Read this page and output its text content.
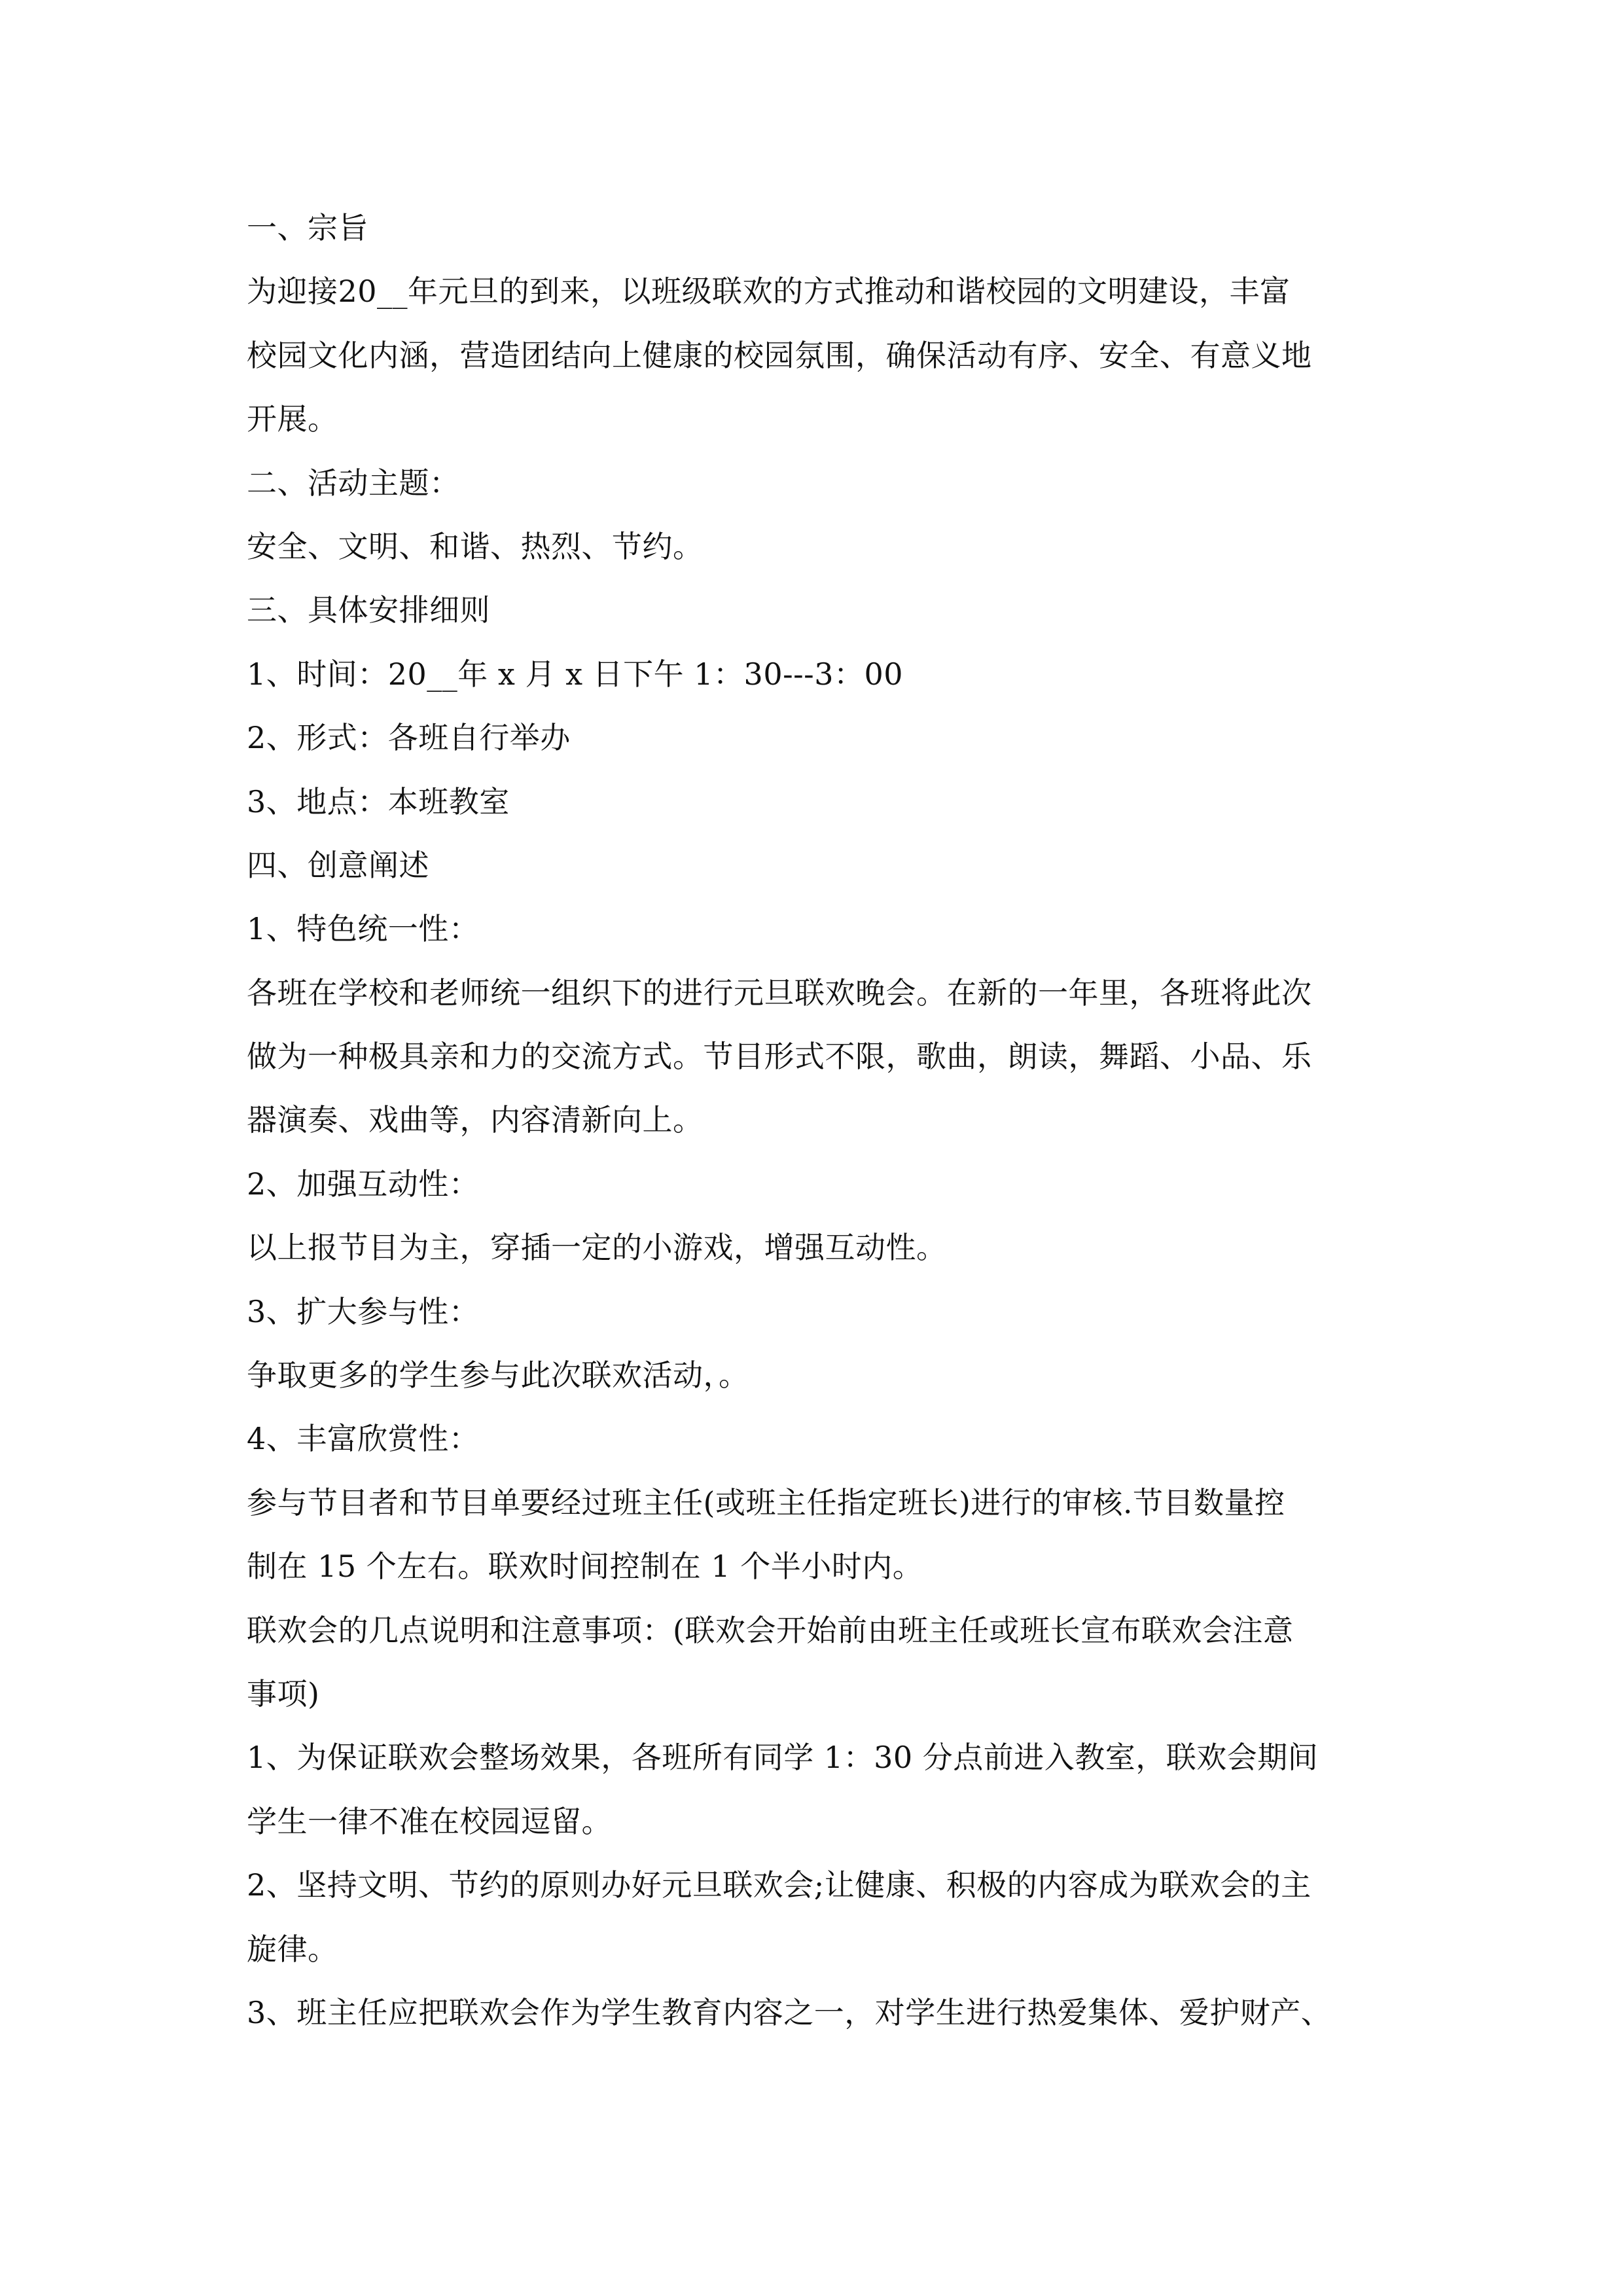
一、宗旨
为迎接20__年元旦的到来，以班级联欢的方式推动和谐校园的文明建设，丰富
校园文化内涵，营造团结向上健康的校园氛围，确保活动有序、安全、有意义地
开展。
二、活动主题：
安全、文明、和谐、热烈、节约。
三、具体安排细则
1、时间：20__年 x 月 x 日下午 1：30---3：00
2、形式：各班自行举办
3、地点：本班教室
四、创意阐述
1、特色统一性：
各班在学校和老师统一组织下的进行元旦联欢晚会。在新的一年里，各班将此次
做为一种极具亲和力的交流方式。节目形式不限，歌曲，朗读，舞蹈、小品、乐
器演奏、戏曲等，内容清新向上。
2、加强互动性：
以上报节目为主，穿插一定的小游戏，增强互动性。
3、扩大参与性：
争取更多的学生参与此次联欢活动，。
4、丰富欣赏性：
参与节目者和节目单要经过班主任(或班主任指定班长)进行的审核.节目数量控
制在 15 个左右。联欢时间控制在 1 个半小时内。
联欢会的几点说明和注意事项：(联欢会开始前由班主任或班长宣布联欢会注意
事项)
1、为保证联欢会整场效果，各班所有同学 1：30 分点前进入教室，联欢会期间
学生一律不准在校园逗留。
2、坚持文明、节约的原则办好元旦联欢会;让健康、积极的内容成为联欢会的主
旋律。
3、班主任应把联欢会作为学生教育内容之一，对学生进行热爱集体、爱护财产、
